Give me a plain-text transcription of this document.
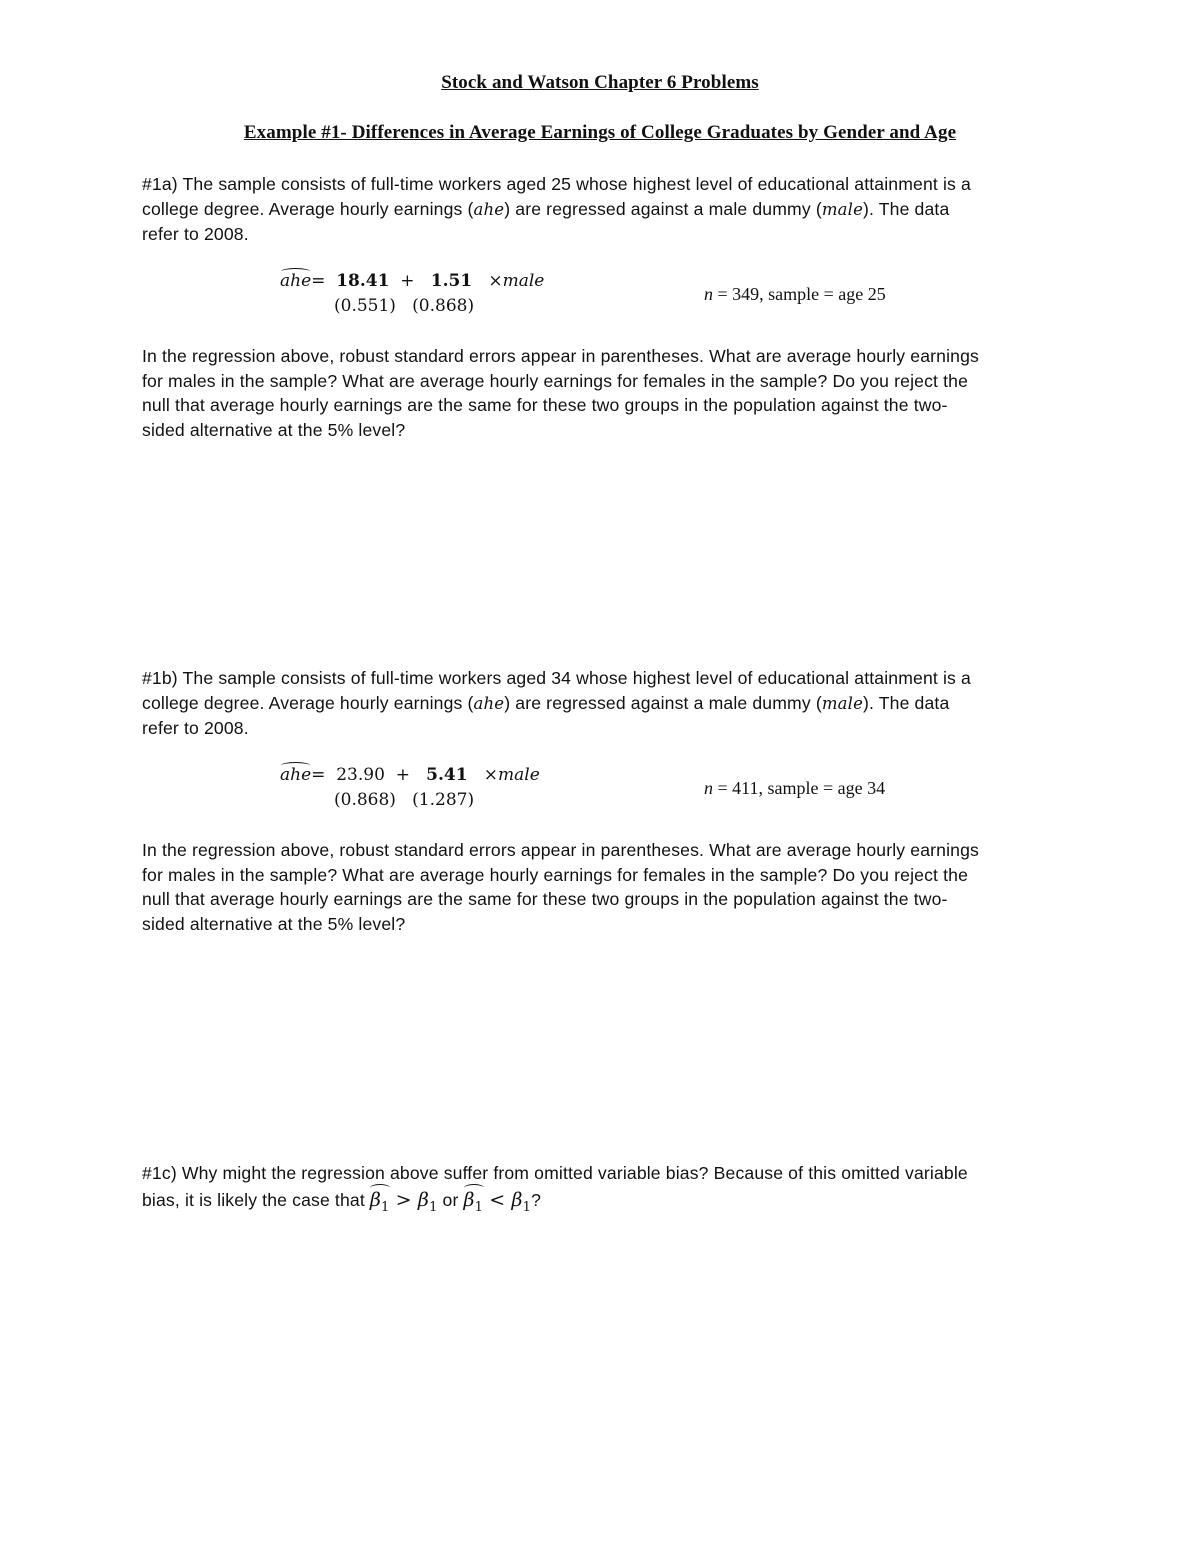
Stock and Watson Chapter 6 Problems
Example #1- Differences in Average Earnings of College Graduates by Gender and Age
#1a) The sample consists of full-time workers aged 25 whose highest level of educational attainment is a
college degree. Average hourly earnings (ahe) are regressed against a male dummy (male). The data
refer to 2008.
ahe= 18.41 + 1.51 ×male
(0.551) (0.868)
n = 349, sample = age 25
In the regression above, robust standard errors appear in parentheses. What are average hourly earnings
for males in the sample? What are average hourly earnings for females in the sample? Do you reject the
null that average hourly earnings are the same for these two groups in the population against the two-
sided alternative at the 5% level?
#1b) The sample consists of full-time workers aged 34 whose highest level of educational attainment is a
college degree. Average hourly earnings (ahe) are regressed against a male dummy (male). The data
refer to 2008.
ahe= 23.90 + 5.41 ×male
(0.868) (1.287)
n = 411, sample = age 34
In the regression above, robust standard errors appear in parentheses. What are average hourly earnings
for males in the sample? What are average hourly earnings for females in the sample? Do you reject the
null that average hourly earnings are the same for these two groups in the population against the two-
sided alternative at the 5% level?
#1c) Why might the regression above suffer from omitted variable bias? Because of this omitted variable
bias, it is likely the case that $\beta_1 > \beta_1$ or $\beta_1 < \beta_1$?
